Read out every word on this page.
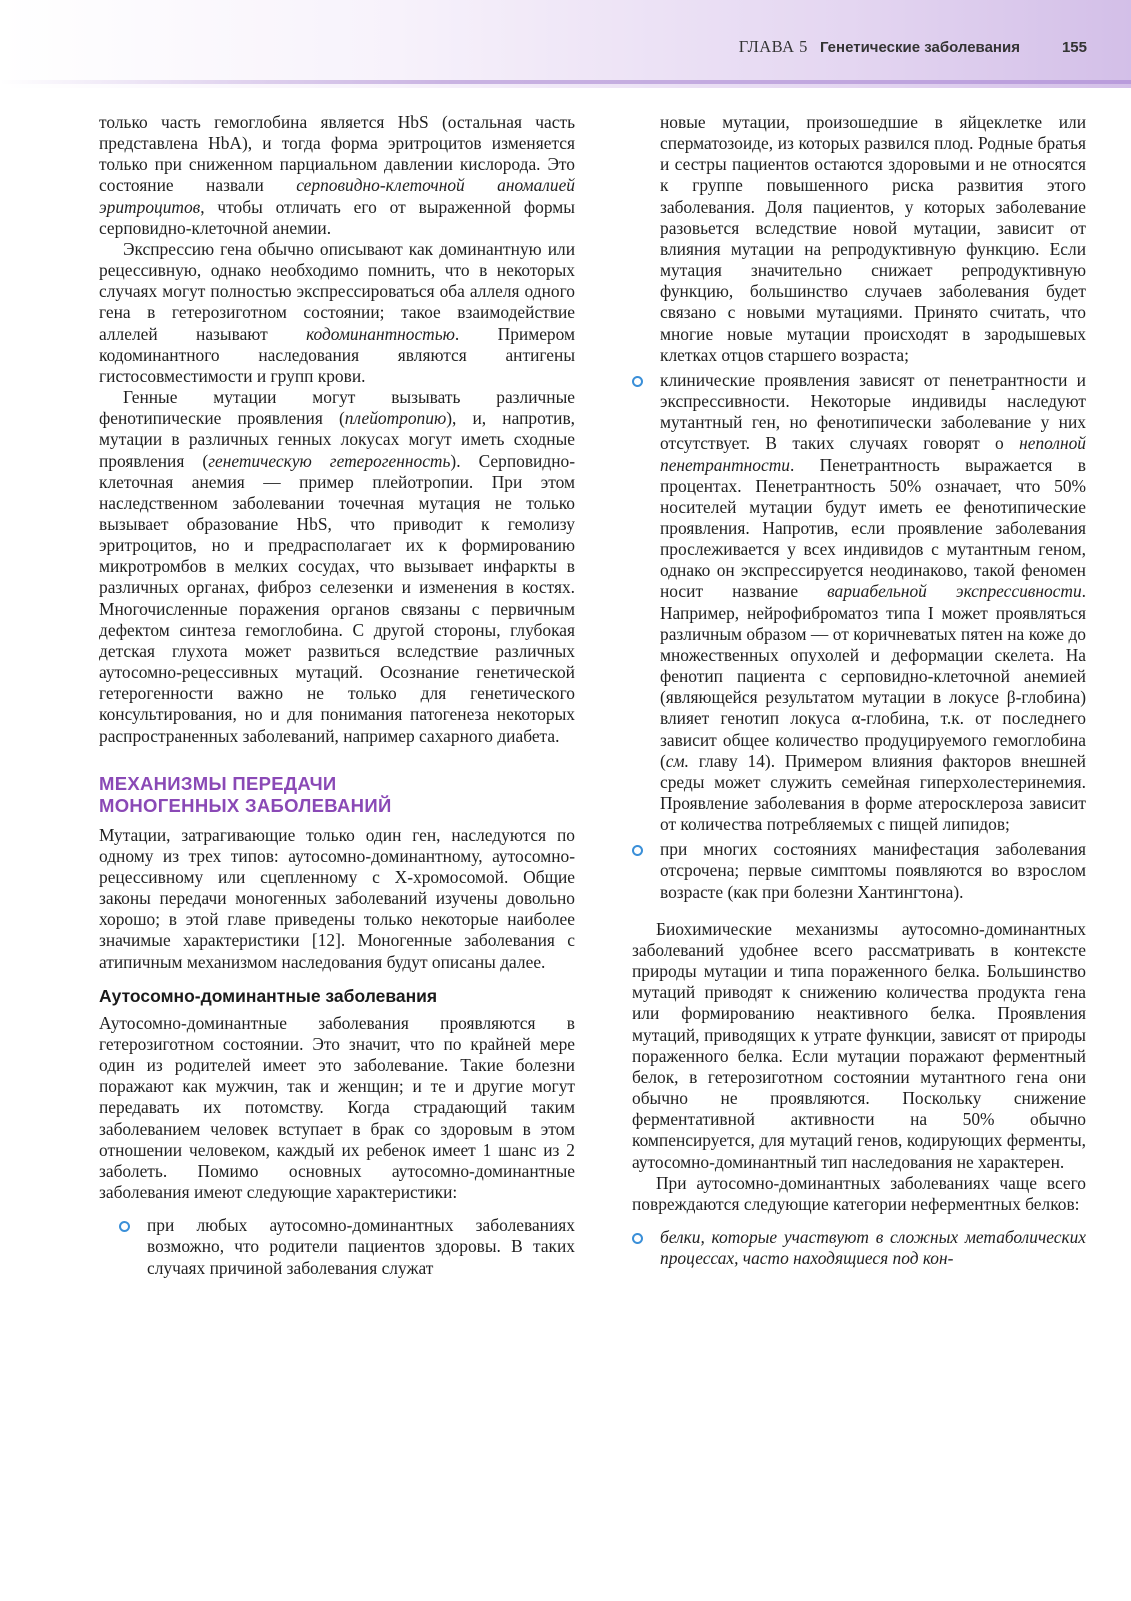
ГЛАВА 5 Генетические заболевания	155

только часть гемоглобина является HbS (остальная часть представлена HbA), и тогда форма эритроцитов изменяется только при сниженном парциальном давлении кислорода. Это состояние назвали серповидно-клеточной аномалией эритроцитов, чтобы отличать его от выраженной формы серповидно-клеточной анемии.

Экспрессию гена обычно описывают как доминантную или рецессивную, однако необходимо помнить, что в некоторых случаях могут полностью экспрессироваться оба аллеля одного гена в гетерозиготном состоянии; такое взаимодействие аллелей называют кодоминантностью. Примером кодоминантного наследования являются антигены гистосовместимости и групп крови.

Генные мутации могут вызывать различные фенотипические проявления (плейотропию), и, напротив, мутации в различных генных локусах могут иметь сходные проявления (генетическую гетерогенность). Серповидно-клеточная анемия — пример плейотропии. При этом наследственном заболевании точечная мутация не только вызывает образование HbS, что приводит к гемолизу эритроцитов, но и предрасполагает их к формированию микротромбов в мелких сосудах, что вызывает инфаркты в различных органах, фиброз селезенки и изменения в костях. Многочисленные поражения органов связаны с первичным дефектом синтеза гемоглобина. С другой стороны, глубокая детская глухота может развиться вследствие различных аутосомно-рецессивных мутаций. Осознание генетической гетерогенности важно не только для генетического консультирования, но и для понимания патогенеза некоторых распространенных заболеваний, например сахарного диабета.

МЕХАНИЗМЫ ПЕРЕДАЧИ
МОНОГЕННЫХ ЗАБОЛЕВАНИЙ

Мутации, затрагивающие только один ген, наследуются по одному из трех типов: аутосомно-доминантному, аутосомно-рецессивному или сцепленному с Х-хромосомой. Общие законы передачи моногенных заболеваний изучены довольно хорошо; в этой главе приведены только некоторые наиболее значимые характеристики [12]. Моногенные заболевания с атипичным механизмом наследования будут описаны далее.

Аутосомно-доминантные заболевания

Аутосомно-доминантные заболевания проявляются в гетерозиготном состоянии. Это значит, что по крайней мере один из родителей имеет это заболевание. Такие болезни поражают как мужчин, так и женщин; и те и другие могут передавать их потомству. Когда страдающий таким заболеванием человек вступает в брак со здоровым в этом отношении человеком, каждый их ребенок имеет 1 шанс из 2 заболеть. Помимо основных аутосомно-доминантные заболевания имеют следующие характеристики:

при любых аутосомно-доминантных заболеваниях возможно, что родители пациентов здоровы. В таких случаях причиной заболевания служат

новые мутации, произошедшие в яйцеклетке или сперматозоиде, из которых развился плод. Родные братья и сестры пациентов остаются здоровыми и не относятся к группе повышенного риска развития этого заболевания. Доля пациентов, у которых заболевание разовьется вследствие новой мутации, зависит от влияния мутации на репродуктивную функцию. Если мутация значительно снижает репродуктивную функцию, большинство случаев заболевания будет связано с новыми мутациями. Принято считать, что многие новые мутации происходят в зародышевых клетках отцов старшего возраста;

клинические проявления зависят от пенетрантности и экспрессивности. Некоторые индивиды наследуют мутантный ген, но фенотипически заболевание у них отсутствует. В таких случаях говорят о неполной пенетрантности. Пенетрантность выражается в процентах. Пенетрантность 50% означает, что 50% носителей мутации будут иметь ее фенотипические проявления. Напротив, если проявление заболевания прослеживается у всех индивидов с мутантным геном, однако он экспрессируется неодинаково, такой феномен носит название вариабельной экспрессивности. Например, нейрофиброматоз типа I может проявляться различным образом — от коричневатых пятен на коже до множественных опухолей и деформации скелета. На фенотип пациента с серповидно-клеточной анемией (являющейся результатом мутации в локусе β-глобина) влияет генотип локуса α-глобина, т.к. от последнего зависит общее количество продуцируемого гемоглобина (см. главу 14). Примером влияния факторов внешней среды может служить семейная гиперхолестеринемия. Проявление заболевания в форме атеросклероза зависит от количества потребляемых с пищей липидов;

при многих состояниях манифестация заболевания отсрочена; первые симптомы появляются во взрослом возрасте (как при болезни Хантингтона).

Биохимические механизмы аутосомно-доминантных заболеваний удобнее всего рассматривать в контексте природы мутации и типа пораженного белка. Большинство мутаций приводят к снижению количества продукта гена или формированию неактивного белка. Проявления мутаций, приводящих к утрате функции, зависят от природы пораженного белка. Если мутации поражают ферментный белок, в гетерозиготном состоянии мутантного гена они обычно не проявляются. Поскольку снижение ферментативной активности на 50% обычно компенсируется, для мутаций генов, кодирующих ферменты, аутосомно-доминантный тип наследования не характерен.

При аутосомно-доминантных заболеваниях чаще всего повреждаются следующие категории неферментных белков:

белки, которые участвуют в сложных метаболических процессах, часто находящиеся под кон-
